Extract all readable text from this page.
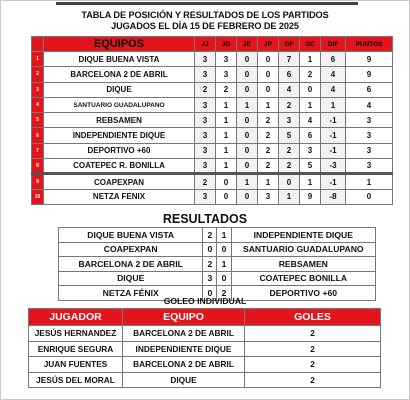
TABLA DE POSICIÓN Y RESULTADOS DE LOS PARTIDOS
JUGADOS EL DÍA 15 DE FEBRERO DE 2025
	EQUIPOS	JJ	JG	JE	JP	GF	GC	DIF	PUNTOS
1	DIQUE BUENA VISTA	3	3	0	0	7	1	6	9
2	BARCELONA 2 DE ABRIL	3	3	0	0	6	2	4	9
3	DIQUE	2	2	0	0	4	0	4	6
4	SANTUARIO GUADALUPANO	3	1	1	1	2	1	1	4
5	REBSAMEN	3	1	0	2	3	4	-1	3
6	INDEPENDIENTE DIQUE	3	1	0	2	5	6	-1	3
7	DEPORTIVO +60	3	1	0	2	2	3	-1	3
8	COATEPEC R. BONILLA	3	1	0	2	2	5	-3	3
9	COAPEXPAN	2	0	1	1	0	1	-1	1
10	NETZA FENIX	3	0	0	3	1	9	-8	0
RESULTADOS
DIQUE BUENA VISTA	2	1	INDEPENDIENTE DIQUE
COAPEXPAN	0	0	SANTUARIO GUADALUPANO
BARCELONA 2 DE ABRIL	2	1	REBSAMEN
DIQUE	3	0	COATEPEC BONILLA
NETZA FÉNIX	0	2	DEPORTIVO +60
GOLEO INDIVIDUAL
JUGADOR	EQUIPO	GOLES
JESÚS HERNANDEZ	BARCELONA 2 DE ABRIL	2
ENRIQUE SEGURA	INDEPENDIENTE DIQUE	2
JUAN FUENTES	BARCELONA 2 DE ABRIL	2
JESÚS DEL MORAL	DIQUE	2
